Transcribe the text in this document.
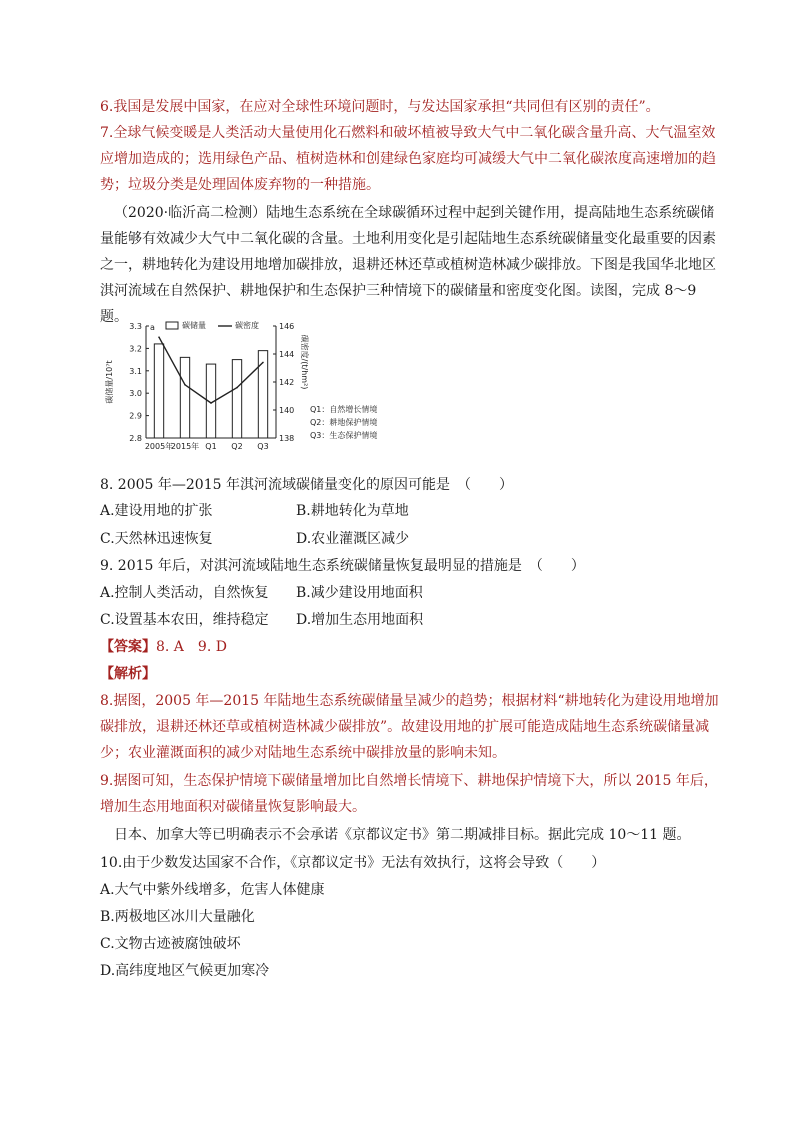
6.我国是发展中国家，在应对全球性环境问题时，与发达国家承担“共同但有区别的责任”。

7.全球气候变暖是人类活动大量使用化石燃料和破坏植被导致大气中二氧化碳含量升高、大气温室效应增加造成的；选用绿色产品、植树造林和创建绿色家庭均可减缓大气中二氧化碳浓度高速增加的趋势；垃圾分类是处理固体废弃物的一种措施。

（2020·临沂高二检测）陆地生态系统在全球碳循环过程中起到关键作用，提高陆地生态系统碳储量能够有效减少大气中二氧化碳的含量。土地利用变化是引起陆地生态系统碳储量变化最重要的因素之一，耕地转化为建设用地增加碳排放，退耕还林还草或植树造林减少碳排放。下图是我国华北地区淇河流域在自然保护、耕地保护和生态保护三种情境下的碳储量和密度变化图。读图，完成 8～9 题。

2.8
2.9
3.0
3.1
3.2
3.3
138
140
142
144
146
a
碳储量/10⁷t	碳密度/(t/hm²)
2005年
2015年 Q1 Q2 Q3
碳储量	碳密度
Q1：自然增长情境
Q2：耕地保护情境
Q3：生态保护情境

8. 2005 年—2015 年淇河流域碳储量变化的原因可能是　（　　）

A.建设用地的扩张	B.耕地转化为草地
C.天然林迅速恢复	D.农业灌溉区减少

9. 2015 年后，对淇河流域陆地生态系统碳储量恢复最明显的措施是　（　　）

A.控制人类活动，自然恢复 B.减少建设用地面积
C.设置基本农田，维持稳定 D.增加生态用地面积

【答案】8. A　9. D

【解析】

8.据图，2005 年—2015 年陆地生态系统碳储量呈减少的趋势；根据材料“耕地转化为建设用地增加碳排放，退耕还林还草或植树造林减少碳排放”。故建设用地的扩展可能造成陆地生态系统碳储量减少；农业灌溉面积的减少对陆地生态系统中碳排放量的影响未知。

9.据图可知，生态保护情境下碳储量增加比自然增长情境下、耕地保护情境下大，所以 2015 年后，增加生态用地面积对碳储量恢复影响最大。

日本、加拿大等已明确表示不会承诺《京都议定书》第二期减排目标。据此完成 10～11 题。

10.由于少数发达国家不合作，《京都议定书》无法有效执行，这将会导致（　　）

A.大气中紫外线增多，危害人体健康

B.两极地区冰川大量融化

C.文物古迹被腐蚀破坏

D.高纬度地区气候更加寒冷
